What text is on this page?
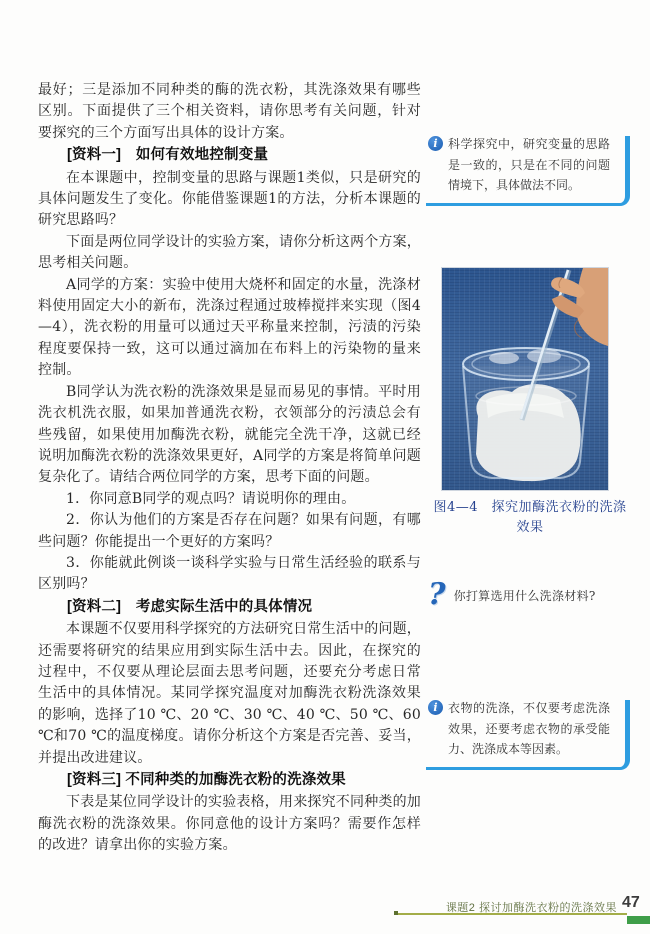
最好；三是添加不同种类的酶的洗衣粉，其洗涤效果有哪些区别。下面提供了三个相关资料，请你思考有关问题，针对要探究的三个方面写出具体的设计方案。

[资料一]　如何有效地控制变量

在本课题中，控制变量的思路与课题1类似，只是研究的具体问题发生了变化。你能借鉴课题1的方法，分析本课题的研究思路吗？

下面是两位同学设计的实验方案，请你分析这两个方案，思考相关问题。

A同学的方案：实验中使用大烧杯和固定的水量，洗涤材料使用固定大小的新布，洗涤过程通过玻棒搅拌来实现（图4—4），洗衣粉的用量可以通过天平称量来控制，污渍的污染程度要保持一致，这可以通过滴加在布料上的污染物的量来控制。

B同学认为洗衣粉的洗涤效果是显而易见的事情。平时用洗衣机洗衣服，如果加普通洗衣粉，衣领部分的污渍总会有些残留，如果使用加酶洗衣粉，就能完全洗干净，这就已经说明加酶洗衣粉的洗涤效果更好，A同学的方案是将简单问题复杂化了。请结合两位同学的方案，思考下面的问题。

1．你同意B同学的观点吗？请说明你的理由。

2．你认为他们的方案是否存在问题？如果有问题，有哪些问题？你能提出一个更好的方案吗？

3．你能就此例谈一谈科学实验与日常生活经验的联系与区别吗？

[资料二]　考虑实际生活中的具体情况

本课题不仅要用科学探究的方法研究日常生活中的问题，还需要将研究的结果应用到实际生活中去。因此，在探究的过程中，不仅要从理论层面去思考问题，还要充分考虑日常生活中的具体情况。某同学探究温度对加酶洗衣粉洗涤效果的影响，选择了10 ℃、20 ℃、30 ℃、40 ℃、50 ℃、60 ℃和70 ℃的温度梯度。请你分析这个方案是否完善、妥当，并提出改进建议。

[资料三] 不同种类的加酶洗衣粉的洗涤效果

下表是某位同学设计的实验表格，用来探究不同种类的加酶洗衣粉的洗涤效果。你同意他的设计方案吗？需要作怎样的改进？请拿出你的实验方案。

i 科学探究中，研究变量的思路是一致的，只是在不同的问题情境下，具体做法不同。
图4—4　探究加酶洗衣粉的洗涤效果
? 你打算选用什么洗涤材料?
i 衣物的洗涤，不仅要考虑洗涤效果，还要考虑衣物的承受能力、洗涤成本等因素。
课题2 探讨加酶洗衣粉的洗涤效果 47
